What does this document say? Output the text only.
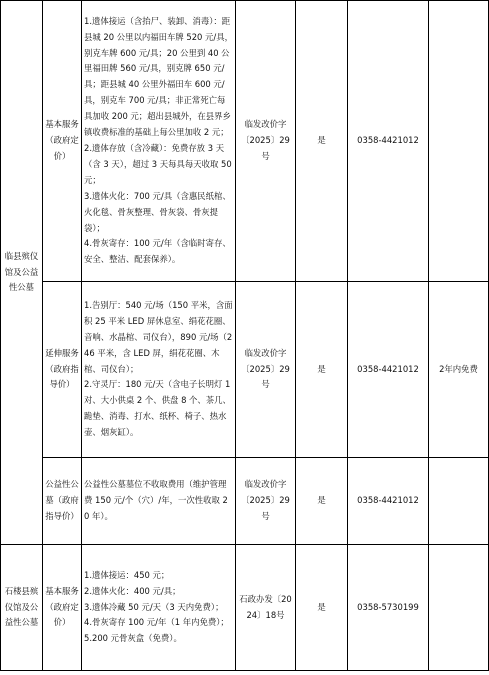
临县殡仪馆及公益性公墓	基本服务（政府定价）	1.遗体接运（含抬尸、装卸、消毒）：距县城 20 公里以内福田车牌 520 元/具，别克车牌 600 元/具；20 公里到 40 公里福田牌 560 元/具，别克牌 650 元/具；距县城 40 公里外福田车 600 元/具，别克车 700 元/具；非正常死亡每具加收 200 元；超出县城外，在县界乡镇收费标准的基础上每公里加收 2 元；
2.遗体存放（含冷藏）：免费存放 3 天（含 3 天），超过 3 天每具每天收取 50 元；
3.遗体火化：700 元/具（含惠民纸棺、火化毯、骨灰整理、骨灰袋、骨灰提袋）；
4.骨灰寄存：100 元/年（含临时寄存、安全、整洁、配套保养）。	临发改价字〔2025〕29号	是	0358-4421012	
	延伸服务（政府指导价）	1.告别厅：540 元/场（150 平米，含面积 25 平米 LED 屏休息室、绢花花圈、音响、水晶棺、司仪台），890 元/场（246 平米，含 LED 屏，绢花花圈、木棺、司仪台）；
2.守灵厅：180 元/天（含电子长明灯 1 对、大小供桌 2 个、供盘 8 个、茶几、跪垫、消毒、打水、纸杯、椅子、热水壶、烟灰缸）。	临发改价字〔2025〕29号	是	0358-4421012	2年内免费
	公益性公墓（政府指导价）	公益性公墓墓位不收取费用（维护管理费 150 元/个（穴）/年，一次性收取 20 年）。	临发改价字〔2025〕29号	是	0358-4421012	
石楼县殡仪馆及公益性公墓	基本服务（政府定价）	1.遗体接运：450 元；
2.遗体火化：400 元/具；
3.遗体冷藏 50 元/天（3 天内免费）；
4.骨灰寄存 100 元/年（1 年内免费）；
5.200 元骨灰盒（免费）。	石政办发〔2024〕18号	是	0358-5730199	
